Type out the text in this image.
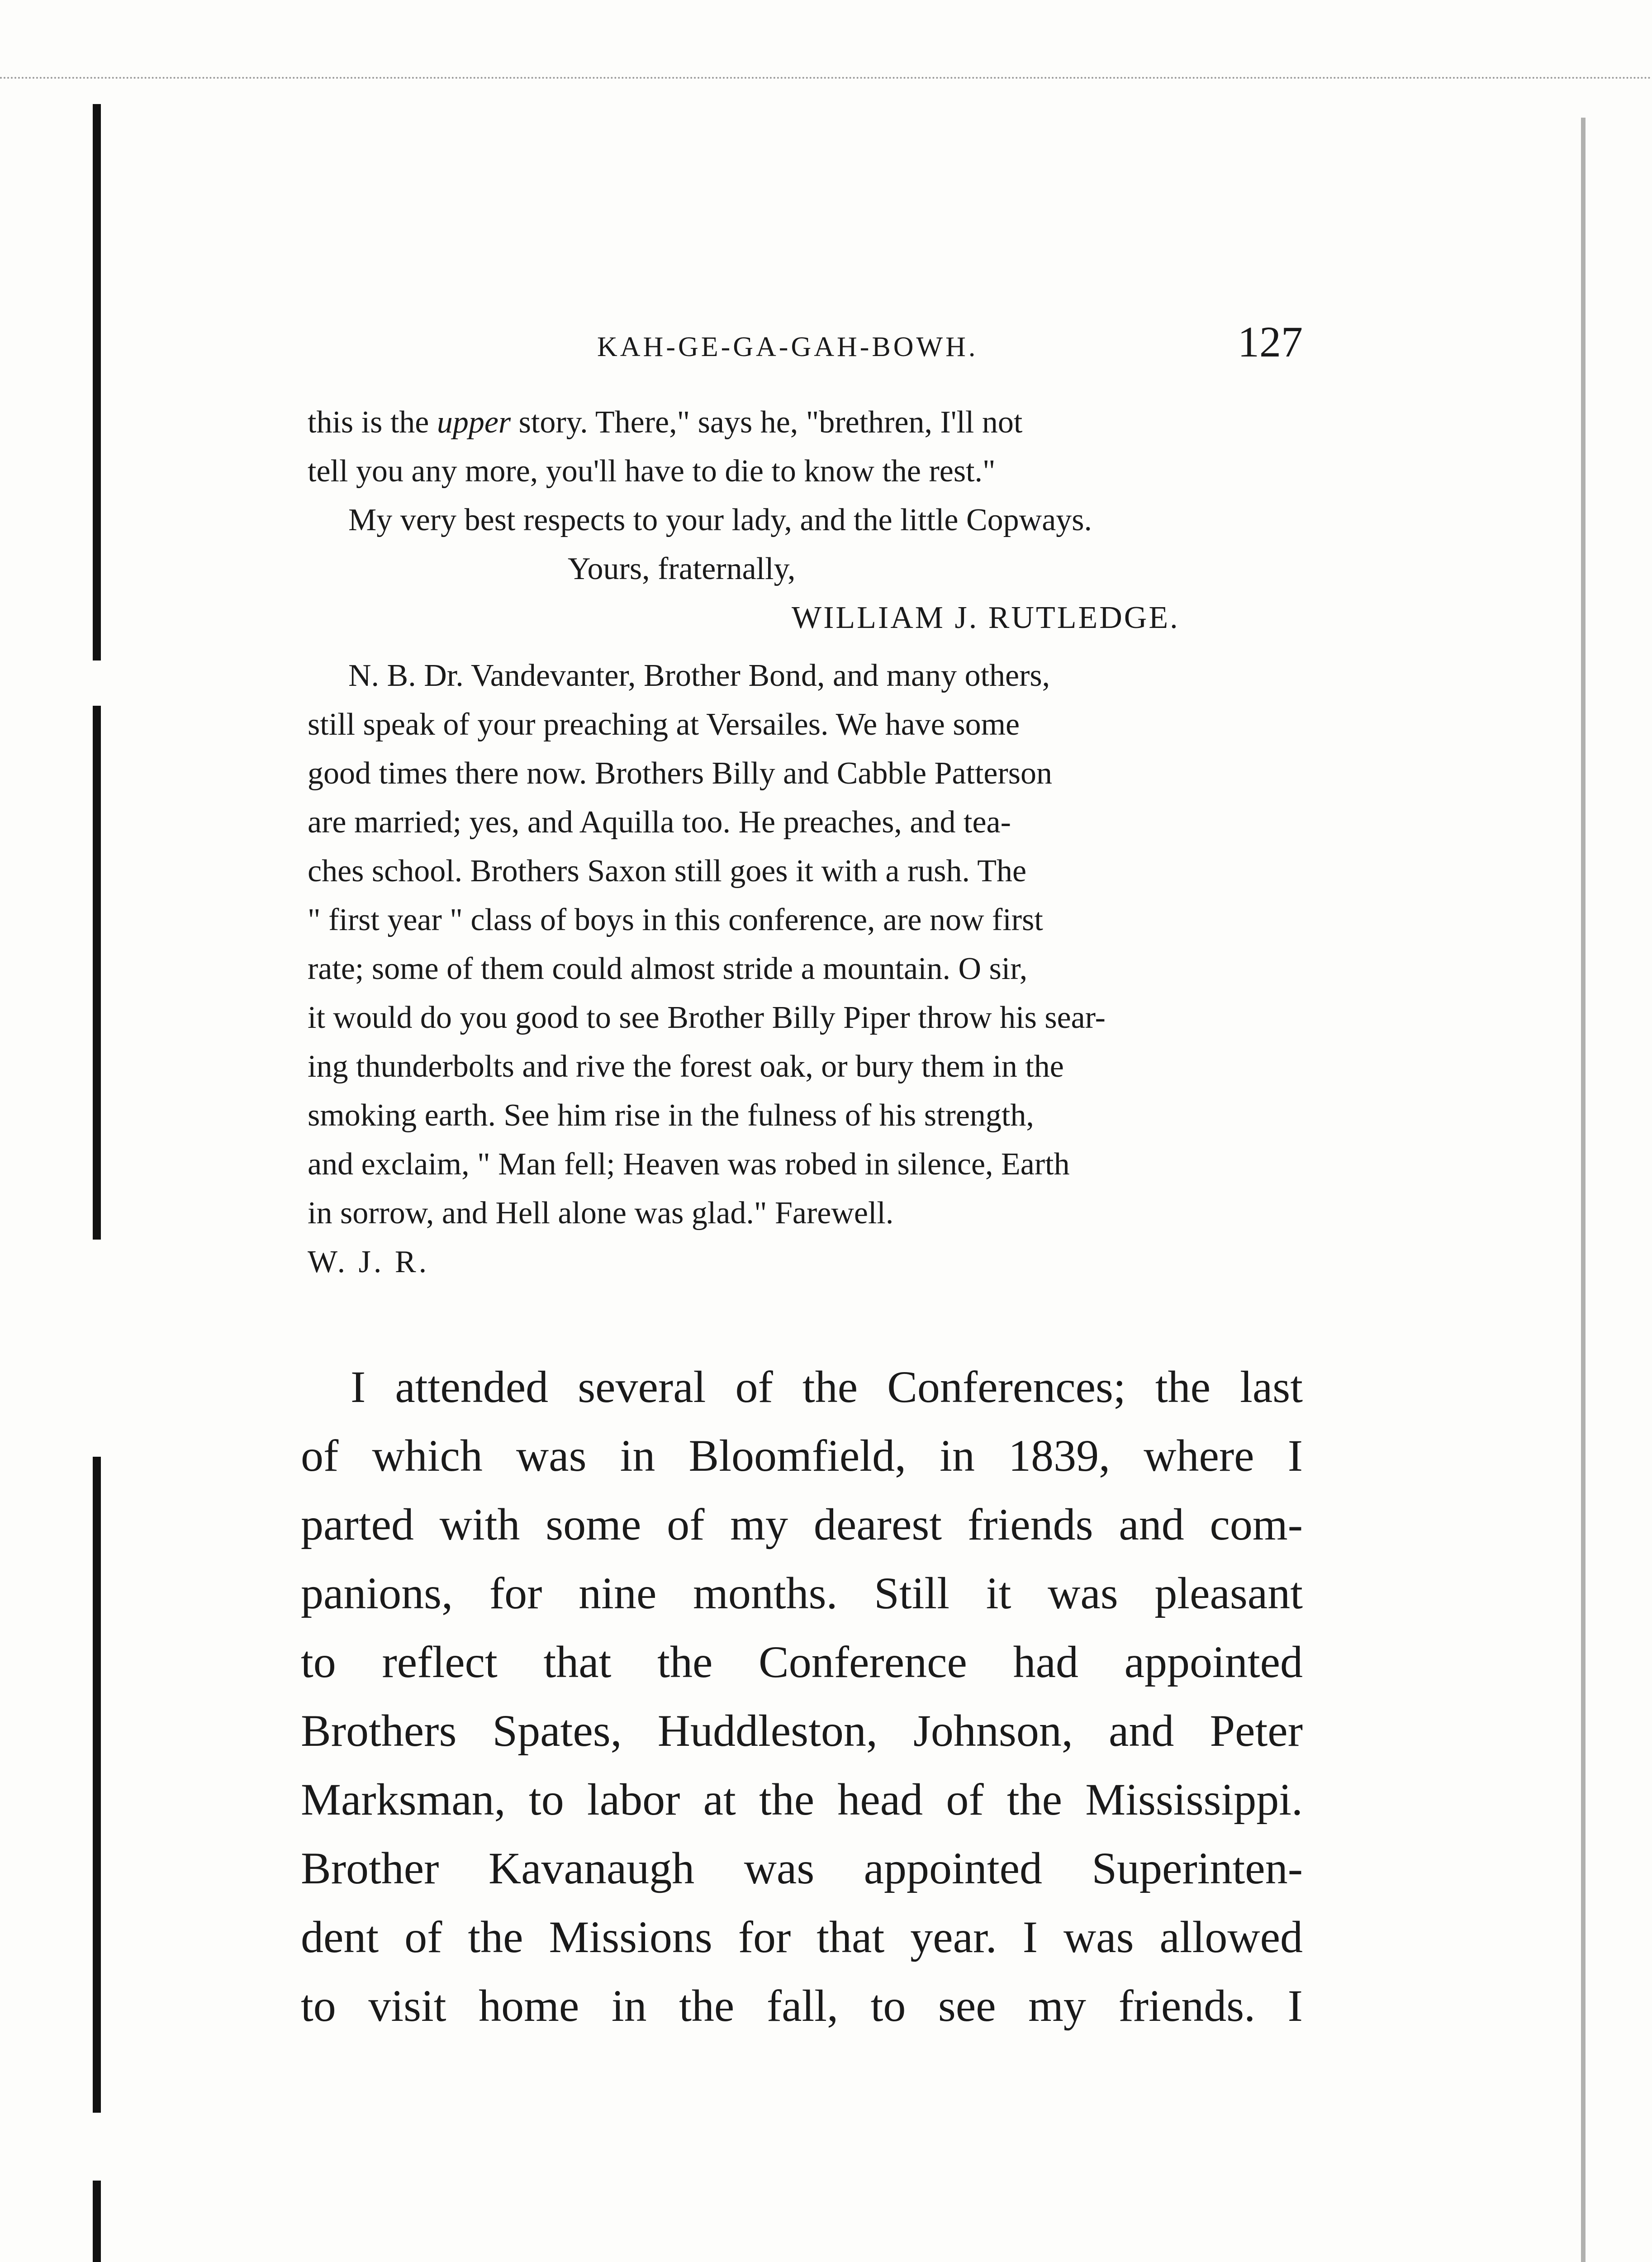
KAH-GE-GA-GAH-BOWH.	127

this is the upper story. There," says he, "brethren, I'll not
tell you any more, you'll have to die to know the rest."

My very best respects to your lady, and the little Copways.

Yours, fraternally,

WILLIAM J. RUTLEDGE.

N. B. Dr. Vandevanter, Brother Bond, and many others,
still speak of your preaching at Versailes. We have some
good times there now. Brothers Billy and Cabble Patterson
are married; yes, and Aquilla too. He preaches, and tea-
ches school. Brothers Saxon still goes it with a rush. The
" first year " class of boys in this conference, are now first
rate; some of them could almost stride a mountain. O sir,
it would do you good to see Brother Billy Piper throw his sear-
ing thunderbolts and rive the forest oak, or bury them in the
smoking earth. See him rise in the fulness of his strength,
and exclaim, " Man fell; Heaven was robed in silence, Earth
in sorrow, and Hell alone was glad." Farewell.

W. J. R.

I attended several of the Conferences; the last

of which was in Bloomfield, in 1839, where I
parted with some of my dearest friends and com-
panions, for nine months. Still it was pleasant
to reflect that the Conference had appointed
Brothers Spates, Huddleston, Johnson, and Peter
Marksman, to labor at the head of the Mississippi.
Brother Kavanaugh was appointed Superinten-
dent of the Missions for that year. I was allowed
to visit home in the fall, to see my friends. I
